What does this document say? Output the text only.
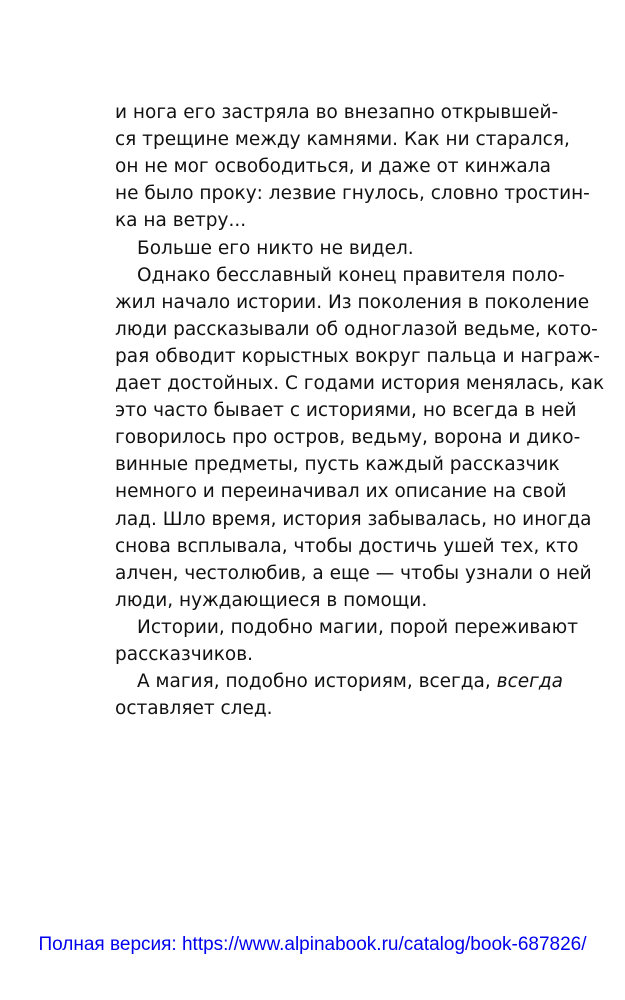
и нога его застряла во внезапно открывшей-
ся трещине между камнями. Как ни старался,
он не мог освободиться, и даже от кинжала
не было проку: лезвие гнулось, словно тростин-
ка на ветру...
Больше его никто не видел.
Однако бесславный конец правителя поло-
жил начало истории. Из поколения в поколение
люди рассказывали об одноглазой ведьме, кото-
рая обводит корыстных вокруг пальца и награж-
дает достойных. С годами история менялась, как
это часто бывает с историями, но всегда в ней
говорилось про остров, ведьму, ворона и дико-
винные предметы, пусть каждый рассказчик
немного и переиначивал их описание на свой
лад. Шло время, история забывалась, но иногда
снова всплывала, чтобы достичь ушей тех, кто
алчен, честолюбив, а еще — чтобы узнали о ней
люди, нуждающиеся в помощи.
Истории, подобно магии, порой переживают
рассказчиков.
А магия, подобно историям, всегда, всегда
оставляет след.
Полная версия: https://www.alpinabook.ru/catalog/book-687826/
